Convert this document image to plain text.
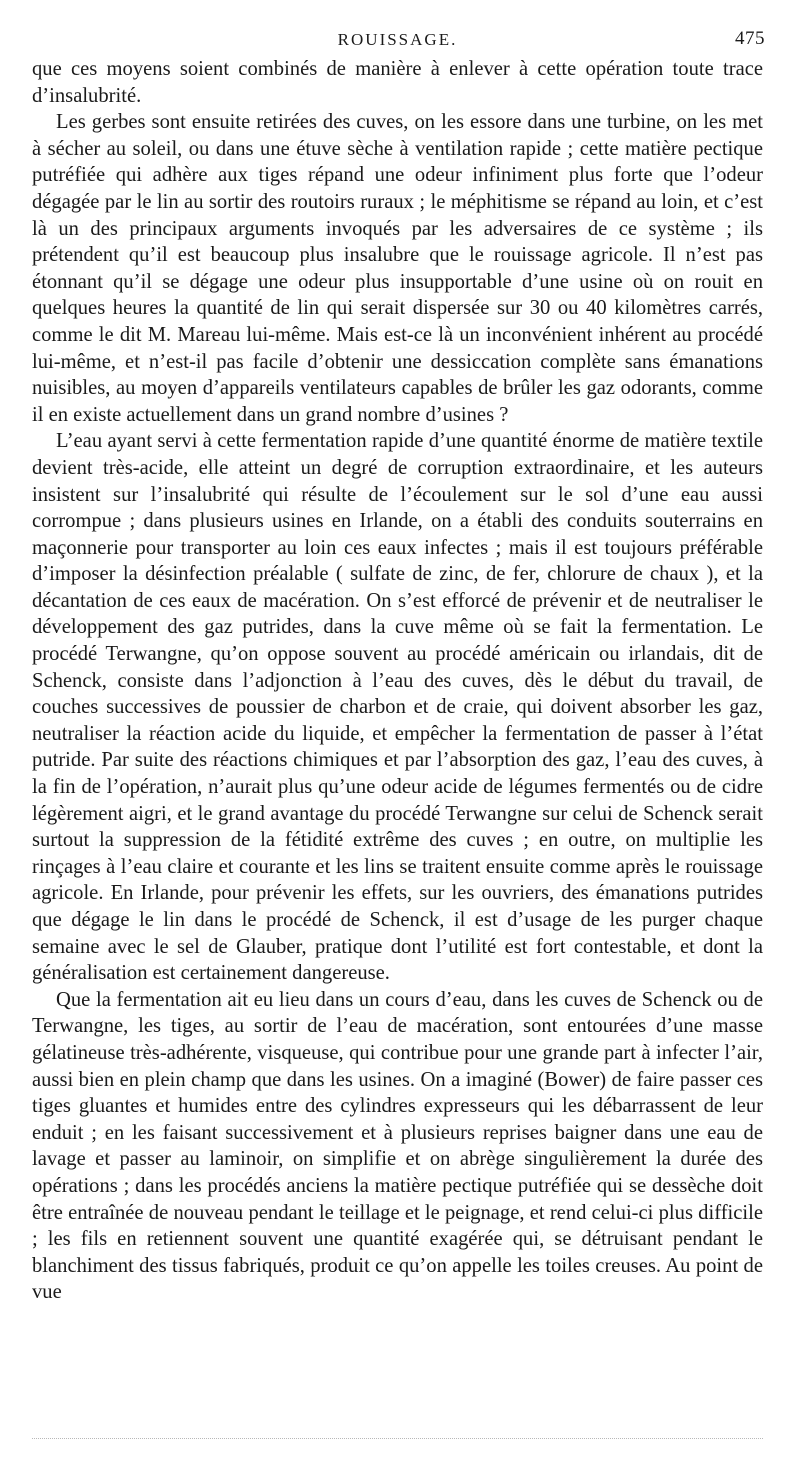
ROUISSAGE.	475

que ces moyens soient combinés de manière à enlever à cette opération toute trace d’insalubrité.

Les gerbes sont ensuite retirées des cuves, on les essore dans une turbine, on les met à sécher au soleil, ou dans une étuve sèche à ventilation rapide ; cette matière pectique putréfiée qui adhère aux tiges répand une odeur infiniment plus forte que l’odeur dégagée par le lin au sortir des routoirs ruraux ; le méphitisme se répand au loin, et c’est là un des principaux arguments invoqués par les adversaires de ce système ; ils prétendent qu’il est beaucoup plus insalubre que le rouissage agricole. Il n’est pas étonnant qu’il se dégage une odeur plus insupportable d’une usine où on rouit en quelques heures la quantité de lin qui serait dispersée sur 30 ou 40 kilomètres carrés, comme le dit M. Mareau lui-même. Mais est-ce là un inconvénient inhérent au procédé lui-même, et n’est-il pas facile d’obtenir une dessiccation complète sans émanations nuisibles, au moyen d’appareils ventilateurs capables de brûler les gaz odorants, comme il en existe actuellement dans un grand nombre d’usines ?

L’eau ayant servi à cette fermentation rapide d’une quantité énorme de matière textile devient très-acide, elle atteint un degré de corruption extraordinaire, et les auteurs insistent sur l’insalubrité qui résulte de l’écoulement sur le sol d’une eau aussi corrompue ; dans plusieurs usines en Irlande, on a établi des conduits souterrains en maçonnerie pour transporter au loin ces eaux infectes ; mais il est toujours préférable d’imposer la désinfection préalable ( sulfate de zinc, de fer, chlorure de chaux ), et la décantation de ces eaux de macération. On s’est efforcé de prévenir et de neutraliser le développement des gaz putrides, dans la cuve même où se fait la fermentation. Le procédé Terwangne, qu’on oppose souvent au procédé américain ou irlandais, dit de Schenck, consiste dans l’adjonction à l’eau des cuves, dès le début du travail, de couches successives de poussier de charbon et de craie, qui doivent absorber les gaz, neutraliser la réaction acide du liquide, et empêcher la fermentation de passer à l’état putride. Par suite des réactions chimiques et par l’absorption des gaz, l’eau des cuves, à la fin de l’opération, n’aurait plus qu’une odeur acide de légumes fermentés ou de cidre légèrement aigri, et le grand avantage du procédé Terwangne sur celui de Schenck serait surtout la suppression de la fétidité extrême des cuves ; en outre, on multiplie les rinçages à l’eau claire et courante et les lins se traitent ensuite comme après le rouissage agricole. En Irlande, pour prévenir les effets, sur les ouvriers, des émanations putrides que dégage le lin dans le procédé de Schenck, il est d’usage de les purger chaque semaine avec le sel de Glauber, pratique dont l’utilité est fort contestable, et dont la généralisation est certainement dangereuse.

Que la fermentation ait eu lieu dans un cours d’eau, dans les cuves de Schenck ou de Terwangne, les tiges, au sortir de l’eau de macération, sont entourées d’une masse gélatineuse très-adhérente, visqueuse, qui contribue pour une grande part à infecter l’air, aussi bien en plein champ que dans les usines. On a imaginé (Bower) de faire passer ces tiges gluantes et humides entre des cylindres expresseurs qui les débarrassent de leur enduit ; en les faisant successivement et à plusieurs reprises baigner dans une eau de lavage et passer au laminoir, on simplifie et on abrège singulièrement la durée des opérations ; dans les procédés anciens la matière pectique putréfiée qui se dessèche doit être entraînée de nouveau pendant le teillage et le peignage, et rend celui-ci plus difficile ; les fils en retiennent souvent une quantité exagérée qui, se détruisant pendant le blanchiment des tissus fabriqués, produit ce qu’on appelle les toiles creuses. Au point de vue
